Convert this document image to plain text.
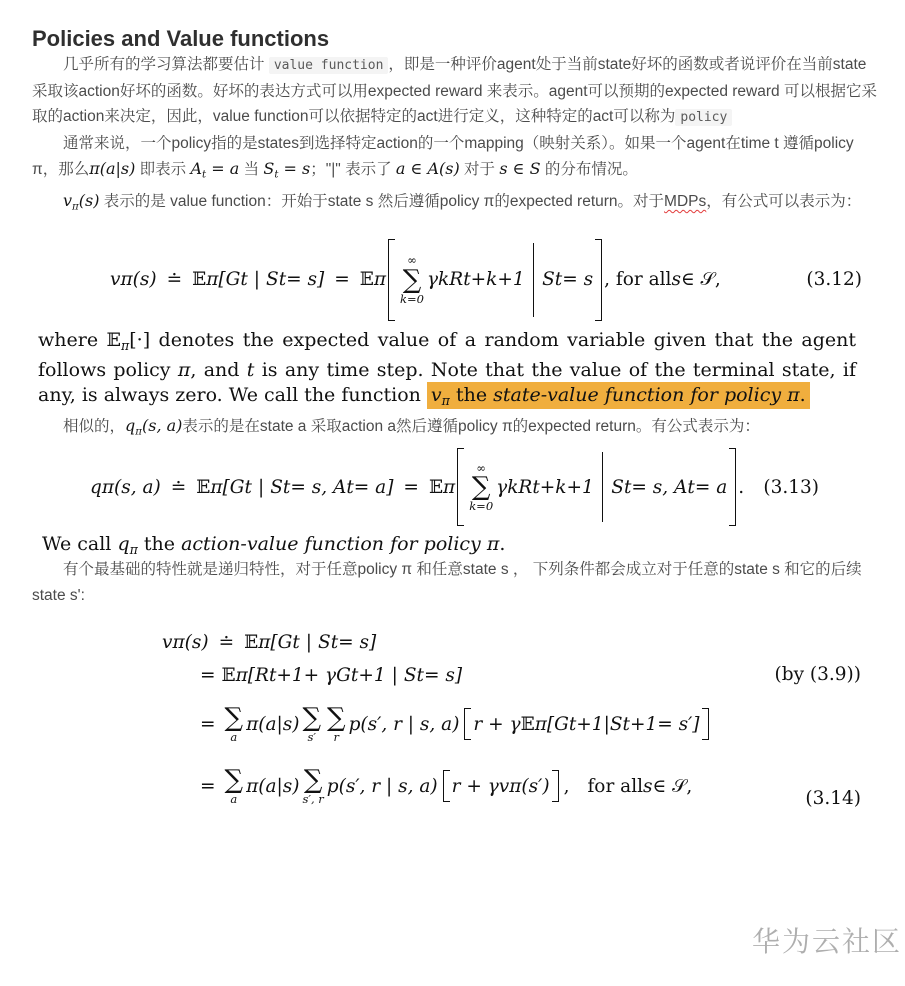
Policies and Value functions

几乎所有的学习算法都要估计 value function ，即是一种评价agent处于当前state好坏的函数或者说评价在当前state采取该action好坏的函数。好坏的表达方式可以用expected reward 来表示。agent可以预期的expected reward 可以根据它采取的action来决定，因此，value function可以依据特定的act进行定义，这种特定的act可以称为 policy

通常来说，一个policy指的是states到选择特定action的一个mapping（映射关系）。如果一个agent在time t 遵循policy π，那么π(a|s) 即表示 $A_t = a$ 当 $S_t = s$；"|" 表示了 a ∈ A(s) 对于 s ∈ S 的分布情况。

$v_\pi(s)$ 表示的是 value function：开始于state s 然后遵循policy π的expected return。对于MDPs，有公式可以表示为：

v π (s) ≐ 𝔼 π [G t | S t = s] = 𝔼 π
∞
∑
k=0
γ k R t+k+1 S t = s , for all s ∈ 𝒮,	(3.12)

where 𝔼$_\pi$[·] denotes the expected value of a random variable given that the agent follows policy π, and t is any time step. Note that the value of the terminal state, if any, is always zero. We call the function $v_\pi$ the state-value function for policy π.

相似的，$q_\pi(s$, a)表示的是在state a 采取action a然后遵循policy π的expected return。有公式表示为：

q π (s, a) ≐ 𝔼 π [G t | S t = s, A t = a] = 𝔼 π
∞
∑
k=0
γ k R t+k+1 S t = s, A t = a . (3.13)

We call $q_\pi$ the action-value function for policy π.

有个最基础的特性就是递归特性，对于任意policy π 和任意state s ， 下列条件都会成立对于任意的state s 和它的后续state s':

v π (s) ≐ 𝔼 π [G t | S t = s]
= 𝔼 π [R t+1 + γG t+1 | S t = s]	(by (3.9))
= ∑
a
π(a|s) ∑
s′
∑
r
p(s′, r | s, a) r + γ 𝔼 π [G t+1 | S t+1 = s′]
= ∑
a
π(a|s) ∑
s′, r
p(s′, r | s, a) r + γv π (s′) , for all s ∈ 𝒮,
(3.14)
华为云社区
